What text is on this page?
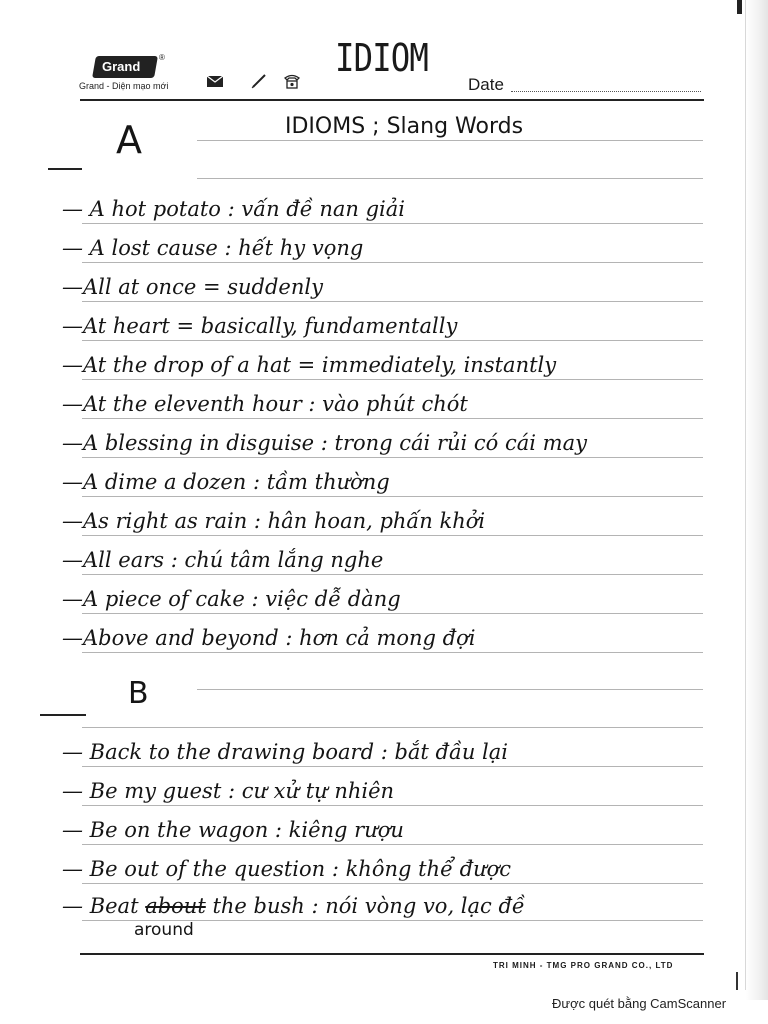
Grand
®
Grand - Diện mạo mới	Date
IDIOM
A	IDIOMS ; Slang Words
— A hot potato : vấn đề nan giải
— A lost cause : hết hy vọng
—All at once = suddenly
—At heart = basically, fundamentally
—At the drop of a hat = immediately, instantly
—At the eleventh hour : vào phút chót
—A blessing in disguise : trong cái rủi có cái may
—A dime a dozen : tầm thường
—As right as rain : hân hoan, phấn khởi
—All ears : chú tâm lắng nghe
—A piece of cake : việc dễ dàng
—Above and beyond : hơn cả mong đợi
B
— Back to the drawing board : bắt đầu lại
— Be my guest : cư xử tự nhiên
— Be on the wagon : kiêng rượu
— Be out of the question : không thể được
— Beat about the bush : nói vòng vo, lạc đề
around
TRI MINH - TMG PRO GRAND CO., LTD
Được quét bằng CamScanner
